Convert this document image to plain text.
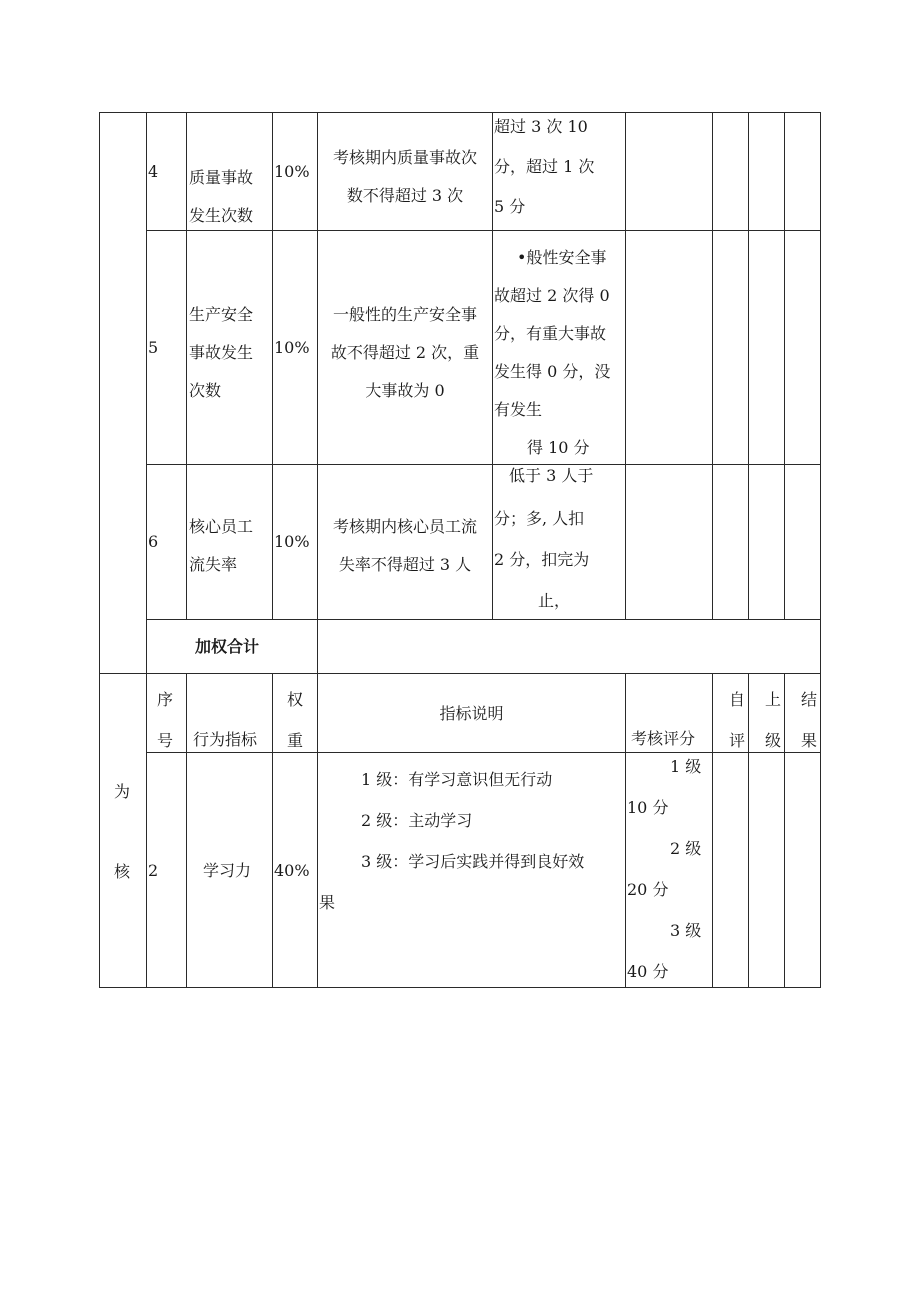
4 质量事故
发生次数
10%
考核期内质量事故次
数不得超过 3 次
超过 3 次 10
分，超过 1 次
5 分
5
生产安全
事故发生
次数
10%
一般性的生产安全事
故不得超过 2 次，重
大事故为 0
•般性安全事
故超过 2 次得 0
分，有重大事故
发生得 0 分，没
有发生
得 10 分
6
核心员工
流失率
10%
考核期内核心员工流
失率不得超过 3 人
低于 3 人于
分；多, 人扣
2 分，扣完为
止，
加权合计
为
核
序
号 行为指标
权
重
指标说明
考核评分
自
评
上
级
结
果
2	学习力 40%
1 级：有学习意识但无行动
2 级：主动学习
3 级：学习后实践并得到良好效
果
1 级
10 分
2 级
20 分
3 级
40 分
